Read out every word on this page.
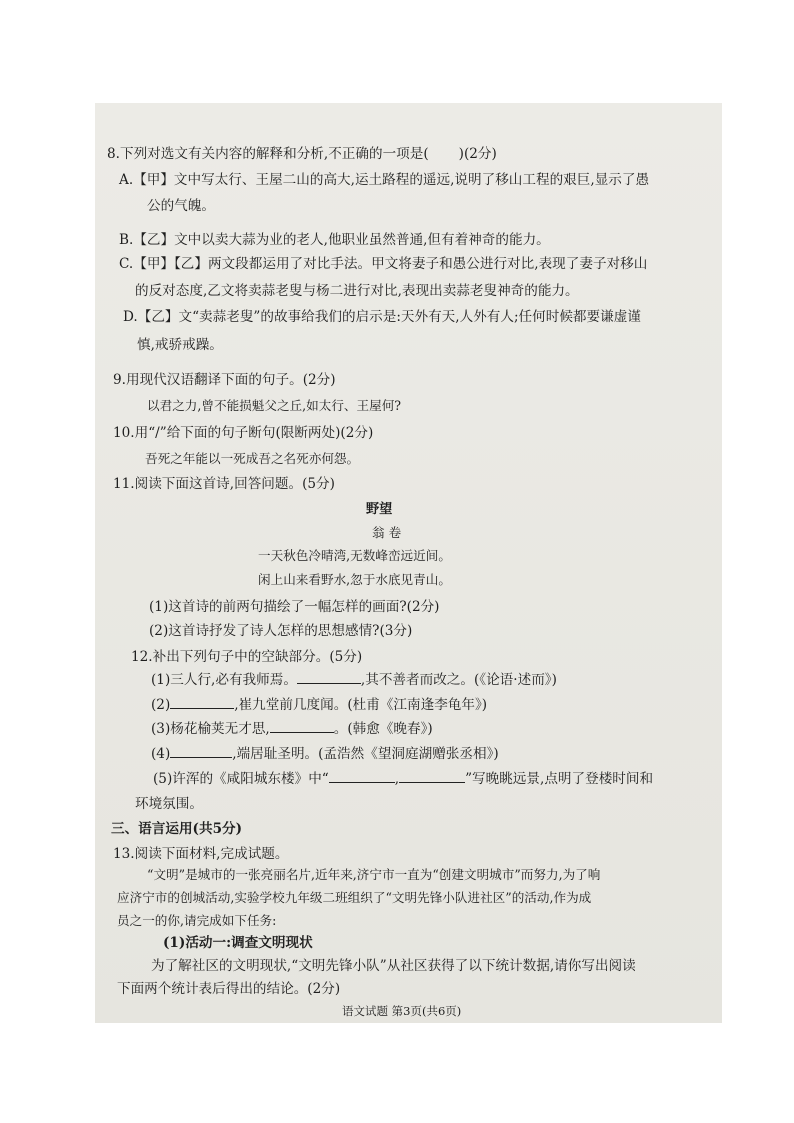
8.下列对选文有关内容的解释和分析,不正确的一项是( )(2分)
A.【甲】文中写太行、王屋二山的高大,运土路程的遥远,说明了移山工程的艰巨,显示了愚
公的气魄。
B.【乙】文中以卖大蒜为业的老人,他职业虽然普通,但有着神奇的能力。
C.【甲】【乙】两文段都运用了对比手法。甲文将妻子和愚公进行对比,表现了妻子对移山
的反对态度,乙文将卖蒜老叟与杨二进行对比,表现出卖蒜老叟神奇的能力。
D.【乙】文“卖蒜老叟”的故事给我们的启示是:天外有天,人外有人;任何时候都要谦虚谨
慎,戒骄戒躁。
9.用现代汉语翻译下面的句子。(2分)
以君之力,曾不能损魁父之丘,如太行、王屋何?
10.用“/”给下面的句子断句(限断两处)(2分)
吾死之年能以一死成吾之名死亦何怨。
11.阅读下面这首诗,回答问题。(5分)
野望
翁 卷
一天秋色冷晴湾,无数峰峦远近间。
闲上山来看野水,忽于水底见青山。
(1)这首诗的前两句描绘了一幅怎样的画面?(2分)
(2)这首诗抒发了诗人怎样的思想感情?(3分)
12.补出下列句子中的空缺部分。(5分)
(1)三人行,必有我师焉。	,其不善者而改之。(《论语·述而》)
(2)	,崔九堂前几度闻。(杜甫《江南逢李龟年》)
(3)杨花榆荚无才思,	。(韩愈《晚春》)
(4)	,端居耻圣明。(孟浩然《望洞庭湖赠张丞相》)
(5)许浑的《咸阳城东楼》中“	,	”写晚眺远景,点明了登楼时间和
环境氛围。
三、语言运用(共5分)
13.阅读下面材料,完成试题。
“文明”是城市的一张亮丽名片,近年来,济宁市一直为“创建文明城市”而努力,为了响
应济宁市的创城活动,实验学校九年级二班组织了“文明先锋小队进社区”的活动,作为成
员之一的你,请完成如下任务:
(1)活动一:调查文明现状
为了解社区的文明现状,“文明先锋小队”从社区获得了以下统计数据,请你写出阅读
下面两个统计表后得出的结论。(2分)
语文试题 第3页(共6页)
